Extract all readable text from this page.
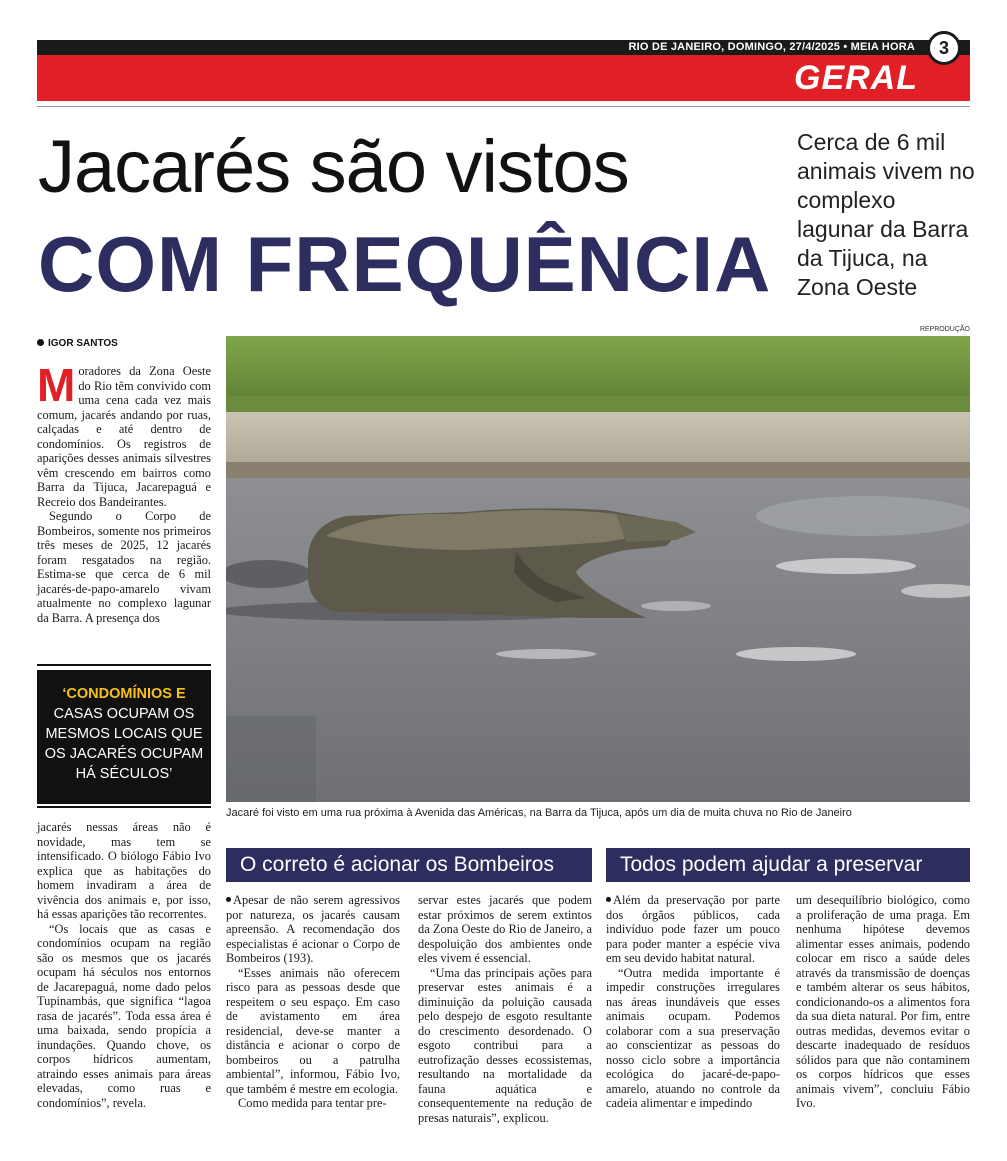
RIO DE JANEIRO, DOMINGO, 27/4/2025 • MEIA HORA	3
GERAL
Jacarés são vistos
COM FREQUÊNCIA
Cerca de 6 mil animais vivem no complexo lagunar da Barra da Tijuca, na Zona Oeste
IGOR SANTOS
REPRODUÇÃO
Jacaré foi visto em uma rua próxima à Avenida das Américas, na Barra da Tijuca, após um dia de muita chuva no Rio de Janeiro

Moradores da Zona Oeste do Rio têm convivido com uma cena cada vez mais comum, jacarés andando por ruas, calçadas e até dentro de condomínios. Os registros de aparições desses animais silvestres vêm crescendo em bairros como Barra da Tijuca, Jacarepaguá e Recreio dos Bandeirantes.

Segundo o Corpo de Bombeiros, somente nos primeiros três meses de 2025, 12 jacarés foram resgatados na região. Estima-se que cerca de 6 mil jacarés-de-papo-amarelo vivam atualmente no complexo lagunar da Barra. A presença dos

‘CONDOMÍNIOS E
CASAS OCUPAM OS MESMOS LOCAIS QUE OS JACARÉS OCUPAM HÁ SÉCULOS’

jacarés nessas áreas não é novidade, mas tem se intensificado. O biólogo Fábio Ivo explica que as habitações do homem invadiram a área de vivência dos animais e, por isso, há essas aparições tão recorrentes.

“Os locais que as casas e condomínios ocupam na região são os mesmos que os jacarés ocupam há séculos nos entornos de Jacarepaguá, nome dado pelos Tupinambás, que significa “lagoa rasa de jacarés”. Toda essa área é uma baixada, sendo propícia a inundações. Quando chove, os corpos hídricos aumentam, atraindo esses animais para áreas elevadas, como ruas e condomínios”, revela.

O correto é acionar os Bombeiros

Apesar de não serem agressivos por natureza, os jacarés causam apreensão. A recomendação dos especialistas é acionar o Corpo de Bombeiros (193).

“Esses animais não oferecem risco para as pessoas desde que respeitem o seu espaço. Em caso de avistamento em área residencial, deve-se manter a distância e acionar o corpo de bombeiros ou a patrulha ambiental”, informou, Fábio Ivo, que também é mestre em ecologia.

Como medida para tentar pre-

servar estes jacarés que podem estar próximos de serem extintos da Zona Oeste do Rio de Janeiro, a despoluição dos ambientes onde eles vivem é essencial.

“Uma das principais ações para preservar estes animais é a diminuição da poluição causada pelo despejo de esgoto resultante do crescimento desordenado. O esgoto contribui para a eutrofização desses ecossistemas, resultando na mortalidade da fauna aquática e consequentemente na redução de presas naturais”, explicou.

Todos podem ajudar a preservar

Além da preservação por parte dos órgãos públicos, cada indivíduo pode fazer um pouco para poder manter a espécie viva em seu devido habitat natural.

“Outra medida importante é impedir construções irregulares nas áreas inundáveis que esses animais ocupam. Podemos colaborar com a sua preservação ao conscientizar as pessoas do nosso ciclo sobre a importância ecológica do jacaré-de-papo-amarelo, atuando no controle da cadeia alimentar e impedindo

um desequilíbrio biológico, como a proliferação de uma praga. Em nenhuma hipótese devemos alimentar esses animais, podendo colocar em risco a saúde deles através da transmissão de doenças e também alterar os seus hábitos, condicionando-os a alimentos fora da sua dieta natural. Por fim, entre outras medidas, devemos evitar o descarte inadequado de resíduos sólidos para que não contaminem os corpos hídricos que esses animais vivem”, concluiu Fábio Ivo.
